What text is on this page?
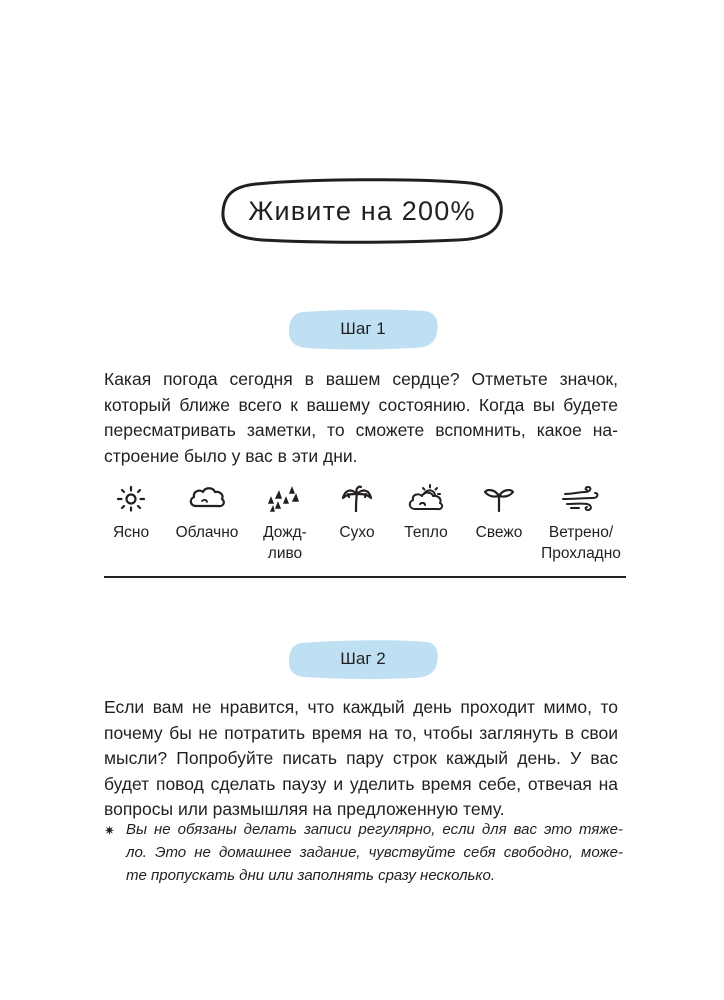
Живите на 200%
Шаг 1
Какая погода сегодня в вашем сердце? Отметьте значок,
который ближе всего к вашему состоянию. Когда вы будете
пересматривать заметки, то сможете вспомнить, какое на-
строение было у вас в эти дни.
Ясно	Облачно	Дожд-
ливо
Сухо	Тепло	Свежо	Ветрено/
Прохладно
Шаг 2
Если вам не нравится, что каждый день проходит мимо, то
почему бы не потратить время на то, чтобы заглянуть в свои
мысли? Попробуйте писать пару строк каждый день. У вас
будет повод сделать паузу и уделить время себе, отвечая на
вопросы или размышляя на предложенную тему.
✷ Вы не обязаны делать записи регулярно, если для вас это тяже-
ло. Это не домашнее задание, чувствуйте себя свободно, може-
те пропускать дни или заполнять сразу несколько.
